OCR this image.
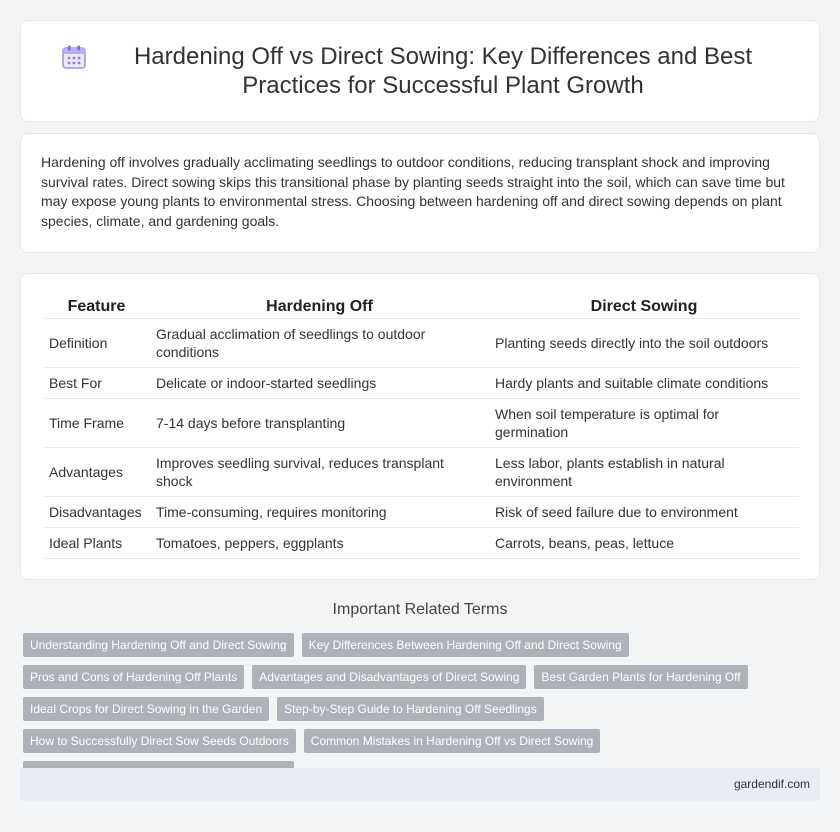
Hardening Off vs Direct Sowing: Key Differences and Best Practices for Successful Plant Growth

Hardening off involves gradually acclimating seedlings to outdoor conditions, reducing transplant shock and improving survival rates. Direct sowing skips this transitional phase by planting seeds straight into the soil, which can save time but may expose young plants to environmental stress. Choosing between hardening off and direct sowing depends on plant species, climate, and gardening goals.

Feature	Hardening Off	Direct Sowing
Definition	Gradual acclimation of seedlings to outdoor conditions	Planting seeds directly into the soil outdoors
Best For	Delicate or indoor-started seedlings	Hardy plants and suitable climate conditions
Time Frame	7-14 days before transplanting	When soil temperature is optimal for germination
Advantages	Improves seedling survival, reduces transplant shock	Less labor, plants establish in natural environment
Disadvantages	Time-consuming, requires monitoring	Risk of seed failure due to environment
Ideal Plants	Tomatoes, peppers, eggplants	Carrots, beans, peas, lettuce
Important Related Terms
Understanding Hardening Off and Direct Sowing	Key Differences Between Hardening Off and Direct Sowing
Pros and Cons of Hardening Off Plants	Advantages and Disadvantages of Direct Sowing	Best Garden Plants for Hardening Off
Ideal Crops for Direct Sowing in the Garden	Step-by-Step Guide to Hardening Off Seedlings
How to Successfully Direct Sow Seeds Outdoors	Common Mistakes in Hardening Off vs Direct Sowing
gardendif.com
